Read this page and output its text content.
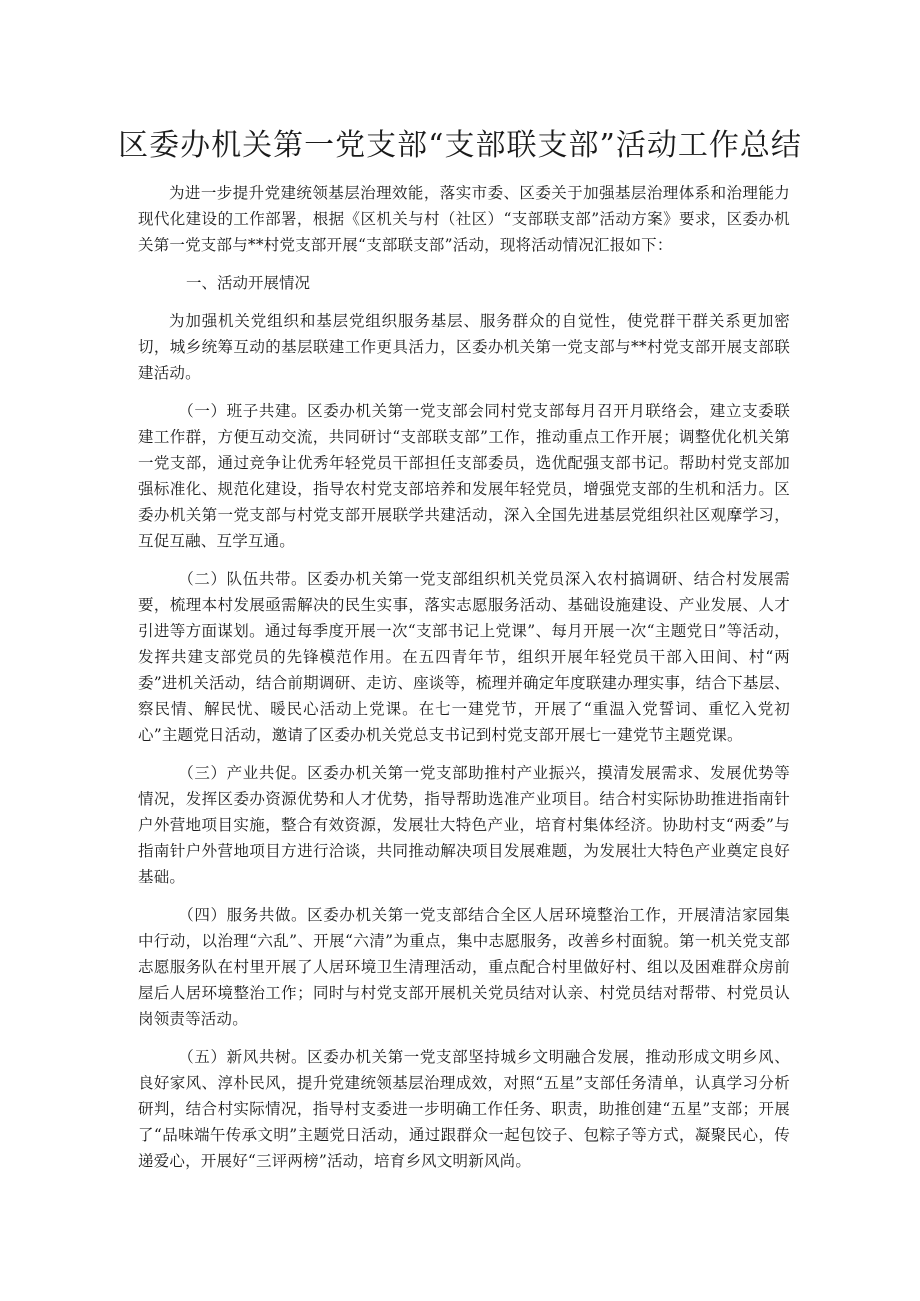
区委办机关第一党支部“支部联支部”活动工作总结

为进一步提升党建统领基层治理效能，落实市委、区委关于加强基层治理体系和治理能力现代化建设的工作部署，根据《区机关与村（社区）“支部联支部”活动方案》要求，区委办机关第一党支部与**村党支部开展“支部联支部”活动，现将活动情况汇报如下：

一、活动开展情况

为加强机关党组织和基层党组织服务基层、服务群众的自觉性，使党群干群关系更加密切，城乡统筹互动的基层联建工作更具活力，区委办机关第一党支部与**村党支部开展支部联建活动。

（一）班子共建。区委办机关第一党支部会同村党支部每月召开月联络会，建立支委联建工作群，方便互动交流，共同研讨“支部联支部”工作，推动重点工作开展；调整优化机关第一党支部，通过竞争让优秀年轻党员干部担任支部委员，选优配强支部书记。帮助村党支部加强标准化、规范化建设，指导农村党支部培养和发展年轻党员，增强党支部的生机和活力。区委办机关第一党支部与村党支部开展联学共建活动，深入全国先进基层党组织社区观摩学习，互促互融、互学互通。

（二）队伍共带。区委办机关第一党支部组织机关党员深入农村搞调研、结合村发展需要，梳理本村发展亟需解决的民生实事，落实志愿服务活动、基础设施建设、产业发展、人才引进等方面谋划。通过每季度开展一次“支部书记上党课”、每月开展一次“主题党日”等活动，发挥共建支部党员的先锋模范作用。在五四青年节，组织开展年轻党员干部入田间、村“两委”进机关活动，结合前期调研、走访、座谈等，梳理并确定年度联建办理实事，结合下基层、察民情、解民忧、暖民心活动上党课。在七一建党节，开展了“重温入党誓词、重忆入党初心”主题党日活动，邀请了区委办机关党总支书记到村党支部开展七一建党节主题党课。

（三）产业共促。区委办机关第一党支部助推村产业振兴，摸清发展需求、发展优势等情况，发挥区委办资源优势和人才优势，指导帮助选准产业项目。结合村实际协助推进指南针户外营地项目实施，整合有效资源，发展壮大特色产业，培育村集体经济。协助村支“两委”与指南针户外营地项目方进行洽谈，共同推动解决项目发展难题，为发展壮大特色产业奠定良好基础。

（四）服务共做。区委办机关第一党支部结合全区人居环境整治工作，开展清洁家园集中行动，以治理“六乱”、开展“六清”为重点，集中志愿服务，改善乡村面貌。第一机关党支部志愿服务队在村里开展了人居环境卫生清理活动，重点配合村里做好村、组以及困难群众房前屋后人居环境整治工作；同时与村党支部开展机关党员结对认亲、村党员结对帮带、村党员认岗领责等活动。

（五）新风共树。区委办机关第一党支部坚持城乡文明融合发展，推动形成文明乡风、良好家风、淳朴民风，提升党建统领基层治理成效，对照“五星”支部任务清单，认真学习分析研判，结合村实际情况，指导村支委进一步明确工作任务、职责，助推创建“五星”支部；开展了“品味端午传承文明”主题党日活动，通过跟群众一起包饺子、包粽子等方式，凝聚民心，传递爱心，开展好“三评两榜”活动，培育乡风文明新风尚。
